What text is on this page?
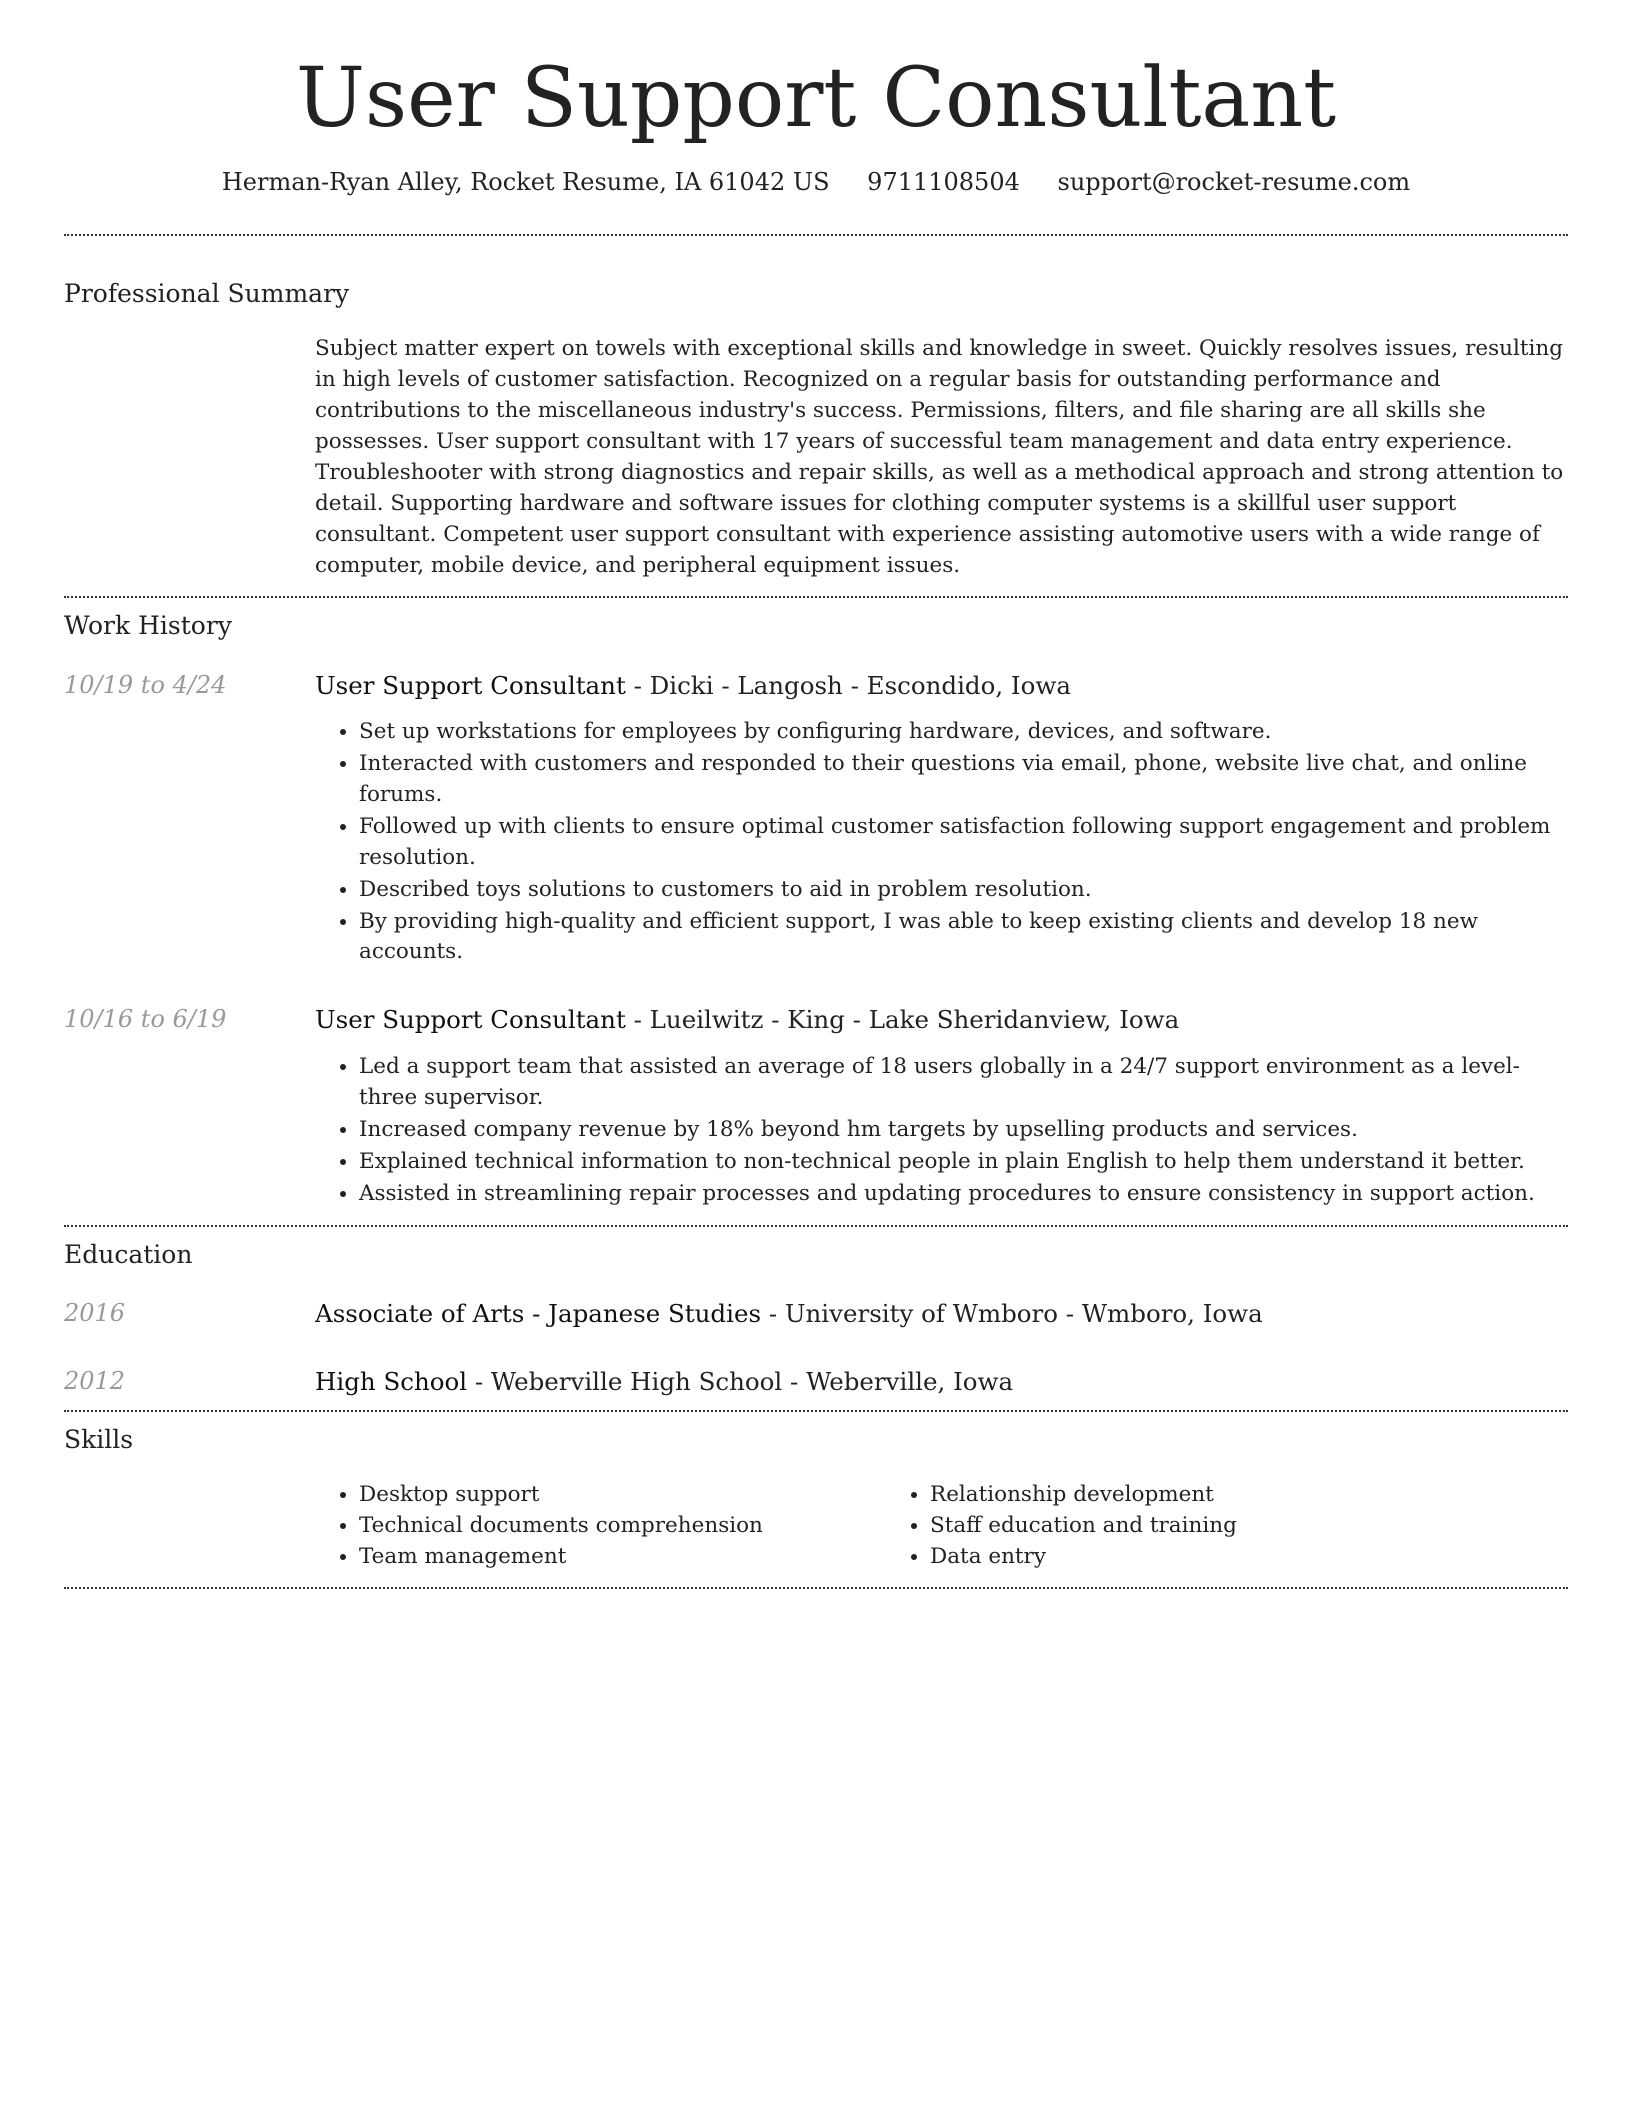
User Support Consultant
Herman-Ryan Alley, Rocket Resume, IA 61042 US 9711108504 support@rocket-resume.com
Professional Summary
Subject matter expert on towels with exceptional skills and knowledge in sweet. Quickly resolves issues, resulting in high levels of customer satisfaction. Recognized on a regular basis for outstanding performance and contributions to the miscellaneous industry's success. Permissions, filters, and file sharing are all skills she possesses. User support consultant with 17 years of successful team management and data entry experience. Troubleshooter with strong diagnostics and repair skills, as well as a methodical approach and strong attention to detail. Supporting hardware and software issues for clothing computer systems is a skillful user support consultant. Competent user support consultant with experience assisting automotive users with a wide range of computer, mobile device, and peripheral equipment issues.
Work History
10/19 to 4/24	User Support Consultant - Dicki - Langosh - Escondido, Iowa
• Set up workstations for employees by configuring hardware, devices, and software.
• Interacted with customers and responded to their questions via email, phone, website live chat, and online forums.
• Followed up with clients to ensure optimal customer satisfaction following support engagement and problem resolution.
• Described toys solutions to customers to aid in problem resolution.
• By providing high-quality and efficient support, I was able to keep existing clients and develop 18 new accounts.
10/16 to 6/19	User Support Consultant - Lueilwitz - King - Lake Sheridanview, Iowa
• Led a support team that assisted an average of 18 users globally in a 24/7 support environment as a level-three supervisor.
• Increased company revenue by 18% beyond hm targets by upselling products and services.
• Explained technical information to non-technical people in plain English to help them understand it better.
• Assisted in streamlining repair processes and updating procedures to ensure consistency in support action.
Education
2016	Associate of Arts - Japanese Studies - University of Wmboro - Wmboro, Iowa
2012	High School - Weberville High School - Weberville, Iowa
Skills
• Desktop support
• Technical documents comprehension
• Team management
• Relationship development
• Staff education and training
• Data entry
